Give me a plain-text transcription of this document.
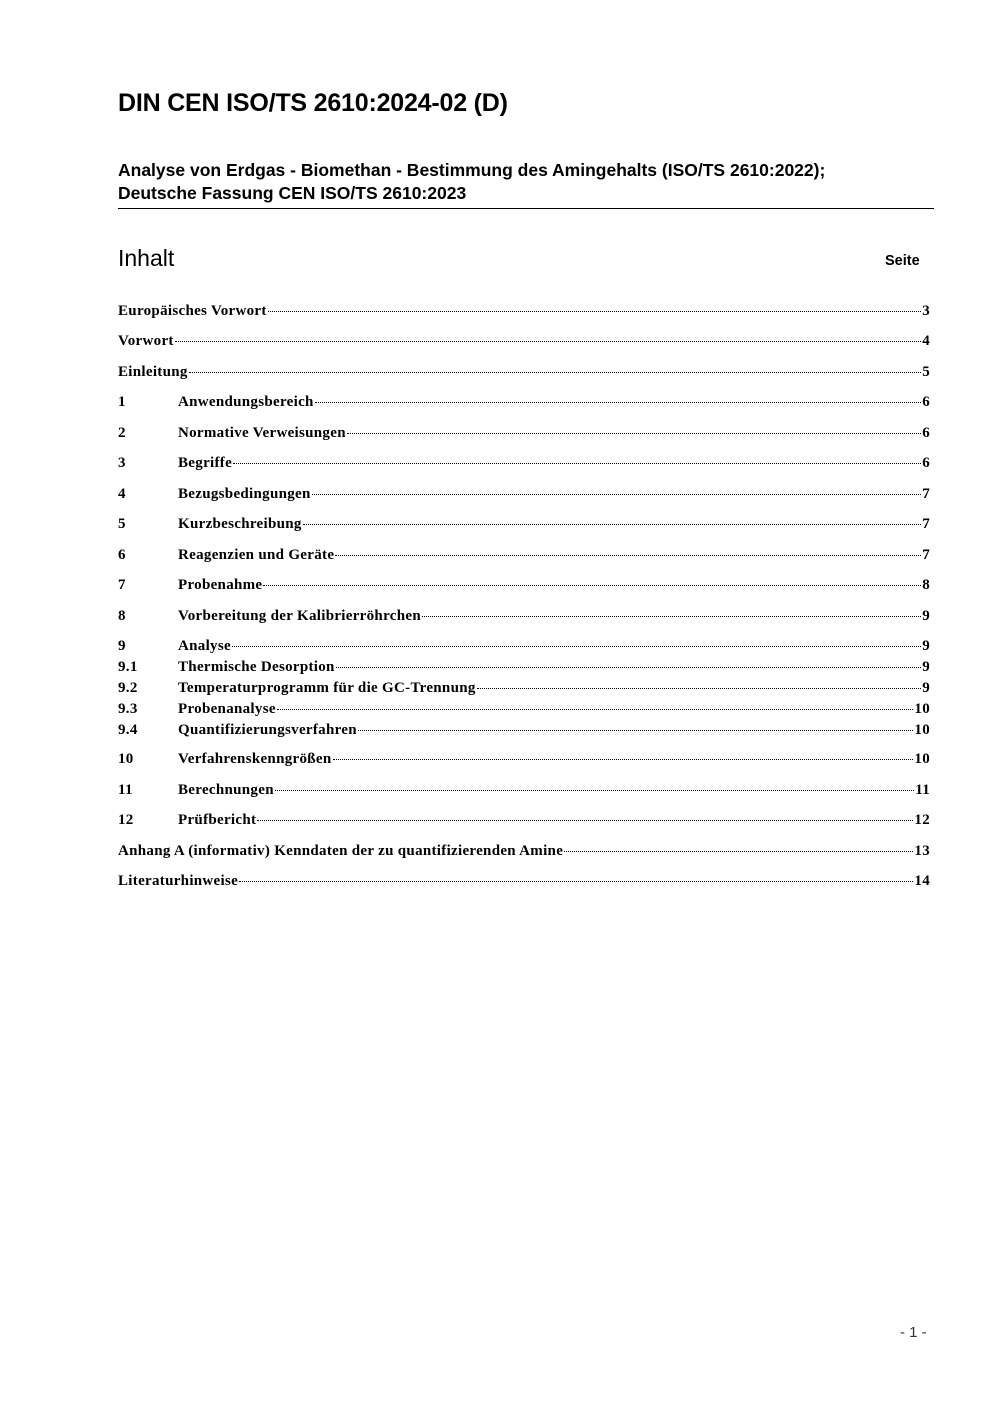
DIN CEN ISO/TS 2610:2024-02 (D)
Analyse von Erdgas - Biomethan - Bestimmung des Amingehalts (ISO/TS 2610:2022);
Deutsche Fassung CEN ISO/TS 2610:2023
Inhalt	Seite
Europäisches Vorwort	3
Vorwort	4
Einleitung	5
1	Anwendungsbereich	6
2	Normative Verweisungen	6
3	Begriffe	6
4	Bezugsbedingungen	7
5	Kurzbeschreibung	7
6	Reagenzien und Geräte	7
7	Probenahme	8
8	Vorbereitung der Kalibrierröhrchen	9
9	Analyse	9
9.1	Thermische Desorption	9
9.2	Temperaturprogramm für die GC-Trennung	9
9.3	Probenanalyse	10
9.4	Quantifizierungsverfahren	10
10	Verfahrenskenngrößen	10
11	Berechnungen	11
12	Prüfbericht	12
Anhang A (informativ) Kenndaten der zu quantifizierenden Amine	13
Literaturhinweise	14
- 1 -
